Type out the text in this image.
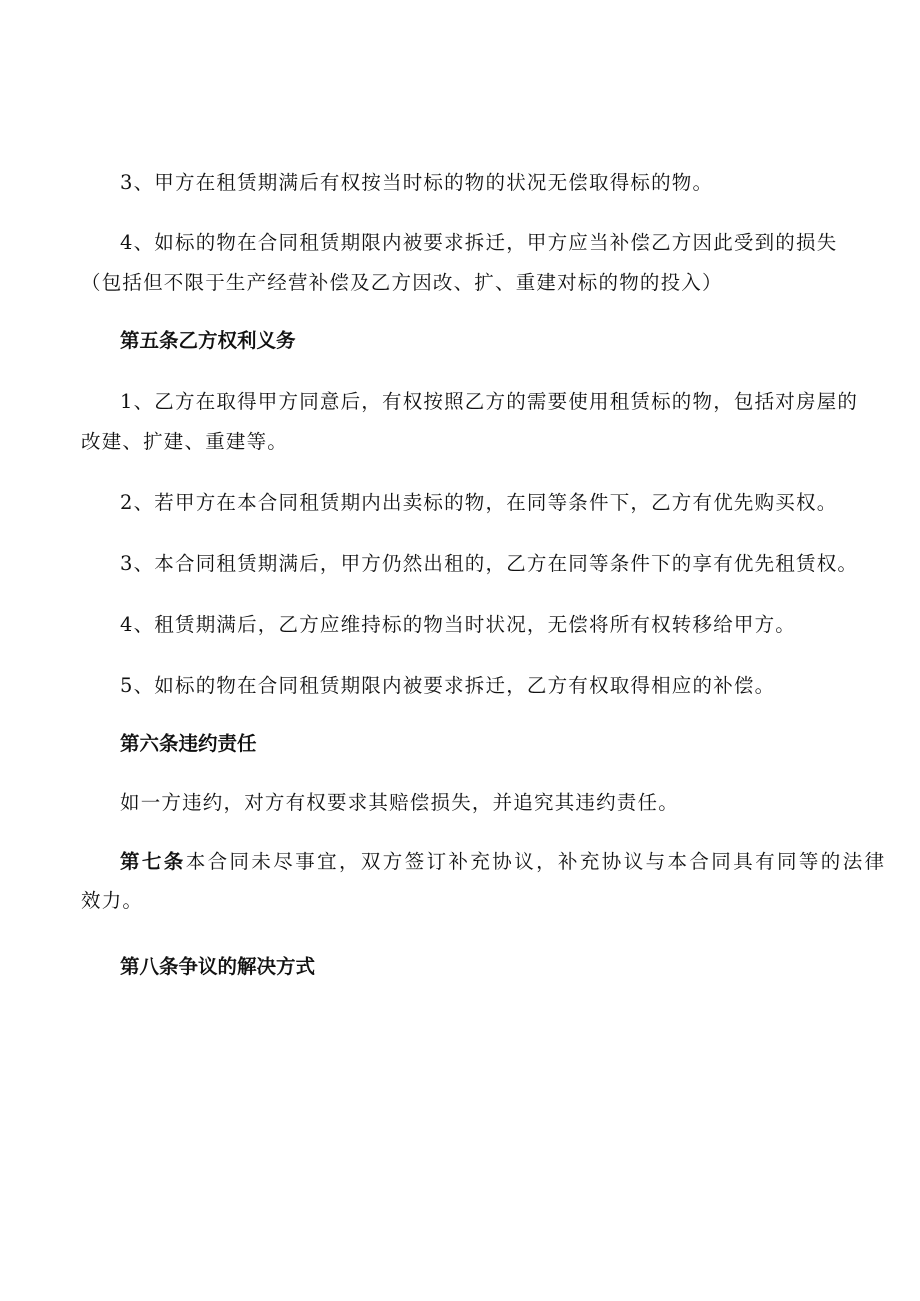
3、甲方在租赁期满后有权按当时标的物的状况无偿取得标的物。
4、如标的物在合同租赁期限内被要求拆迁，甲方应当补偿乙方因此受到的损失
（包括但不限于生产经营补偿及乙方因改、扩、重建对标的物的投入）
第五条乙方权利义务
1、乙方在取得甲方同意后，有权按照乙方的需要使用租赁标的物，包括对房屋的
改建、扩建、重建等。
2、若甲方在本合同租赁期内出卖标的物，在同等条件下，乙方有优先购买权。
3、本合同租赁期满后，甲方仍然出租的，乙方在同等条件下的享有优先租赁权。
4、租赁期满后，乙方应维持标的物当时状况，无偿将所有权转移给甲方。
5、如标的物在合同租赁期限内被要求拆迁，乙方有权取得相应的补偿。
第六条违约责任
如一方违约，对方有权要求其赔偿损失，并追究其违约责任。
第七条本合同未尽事宜，双方签订补充协议，补充协议与本合同具有同等的法律
效力。
第八条争议的解决方式
